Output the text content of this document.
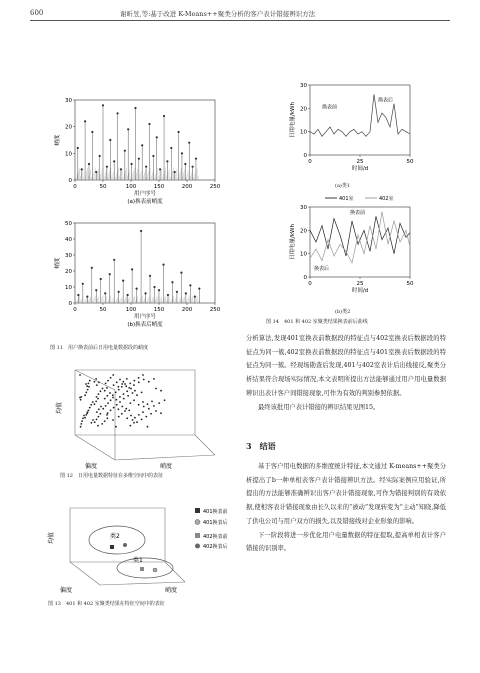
600	谢昕昱,等:基于改进 K-Means++聚类分析的客户表计错接辨识方法
0	50	100	150	200	250
0
10
20
30
用户序号
峭度
(a)换表前峭度
0	50	100	150	200	250
0
10
20
30
40
50
用户序号
峭度
(b)换表后峭度
图 11　用户换表前后日用电量数据段的峭度
均值
峭度
偏度
图 12　日用电量数据特征在多维空间中的表征
类2
类1
均值
偏度	峭度
401换表前
401换表后
402换表前
402换表后
图 13　401 和 402 室聚类结果在特征空间中的表征
0	25	50
0
10
20
30
时间/d
日用电量/kWh	换表前
换表后
(a)类1
0	25	50
0
10
20
30
时间/d
日用电量/kWh
401室	402室
换表前
换表后
(b)类2
图 14　401 和 402 室聚类结果换表前后曲线

分析算法,发现401室换表前数据段的特征点与402室换表后数据段的特征点为同一簇,402室换表前数据段的特征点与401室换表后数据段的特征点为同一簇。经现场勘查后发现,401与402室表计后出线接反,聚类分析结果符合现场实际情况,本文表明所提出方法能够通过用户用电量数据辨识出表计客户间错接现象,可作为有效的判别参照依据。

最终该批用户表计错接的辨识结果见图15。

3　结语

基于客户用电数据的多维度统计特征,本文通过 K-means++聚类分析提出了b一种单相表客户表计错接辨识方法。经实际案例应用验证,所提出的方法能够准确辨识出客户表计错接现象,可作为错接判别的有效依据,使相客表计错接现象由长久以来的“被动”发现转变为“主动”知晓,降低了供电公司与用户双方的损失,以及错接线对企业形象的影响。

下一阶段将进一步优化用户电量数据的特征提取,提高单相表计客户错接的识别率。
